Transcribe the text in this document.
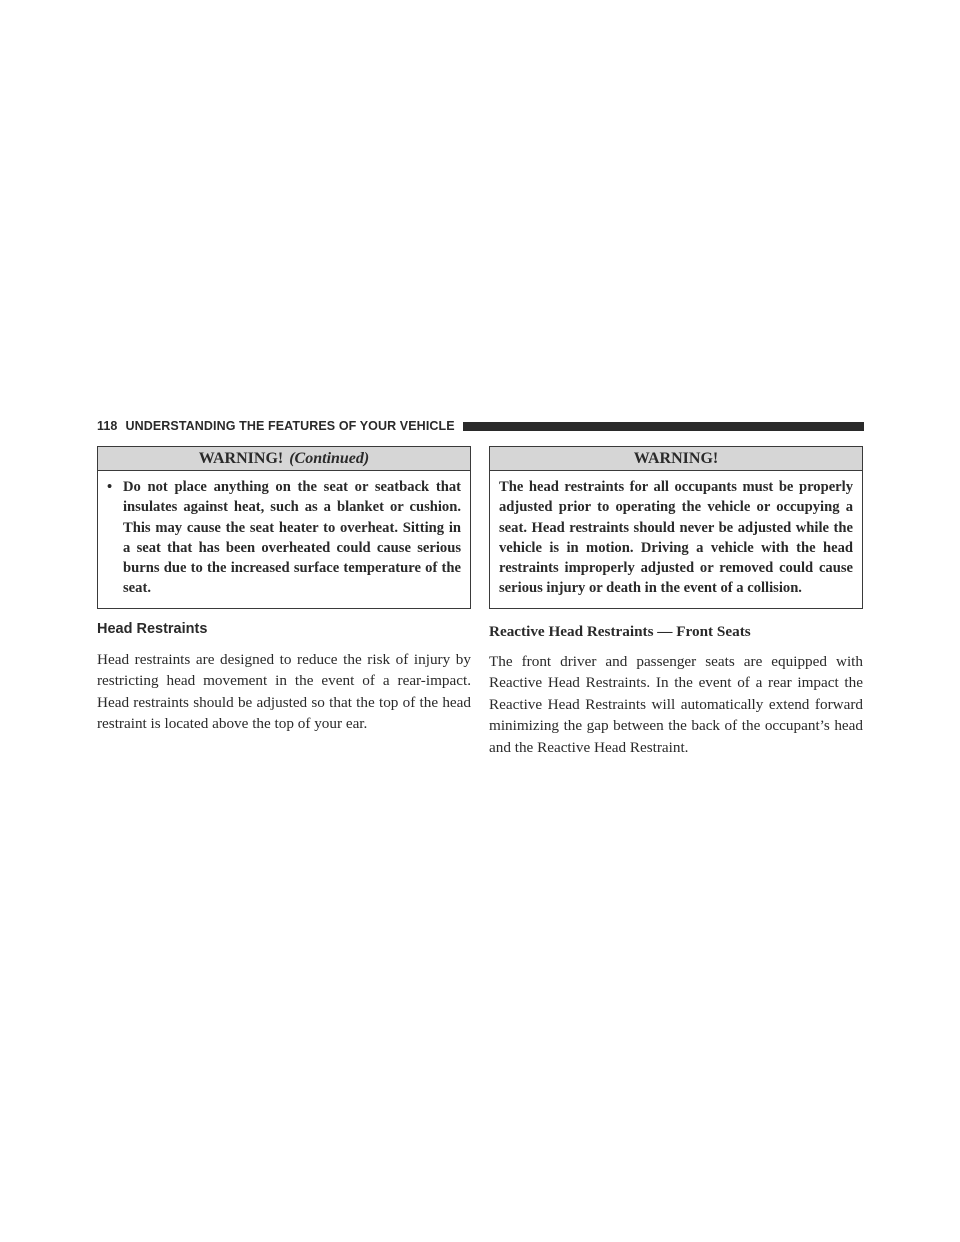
118 UNDERSTANDING THE FEATURES OF YOUR VEHICLE
WARNING! (Continued)
• Do not place anything on the seat or seatback that insulates against heat, such as a blanket or cushion. This may cause the seat heater to overheat. Sitting in a seat that has been overheated could cause serious burns due to the increased surface temperature of the seat.
Head Restraints

Head restraints are designed to reduce the risk of injury by restricting head movement in the event of a rear-impact. Head restraints should be adjusted so that the top of the head restraint is located above the top of your ear.

WARNING!
The head restraints for all occupants must be properly adjusted prior to operating the vehicle or occupying a seat. Head restraints should never be adjusted while the vehicle is in motion. Driving a vehicle with the head restraints improperly adjusted or removed could cause serious injury or death in the event of a collision.
Reactive Head Restraints — Front Seats

The front driver and passenger seats are equipped with Reactive Head Restraints. In the event of a rear impact the Reactive Head Restraints will automatically extend forward minimizing the gap between the back of the occupant’s head and the Reactive Head Restraint.
